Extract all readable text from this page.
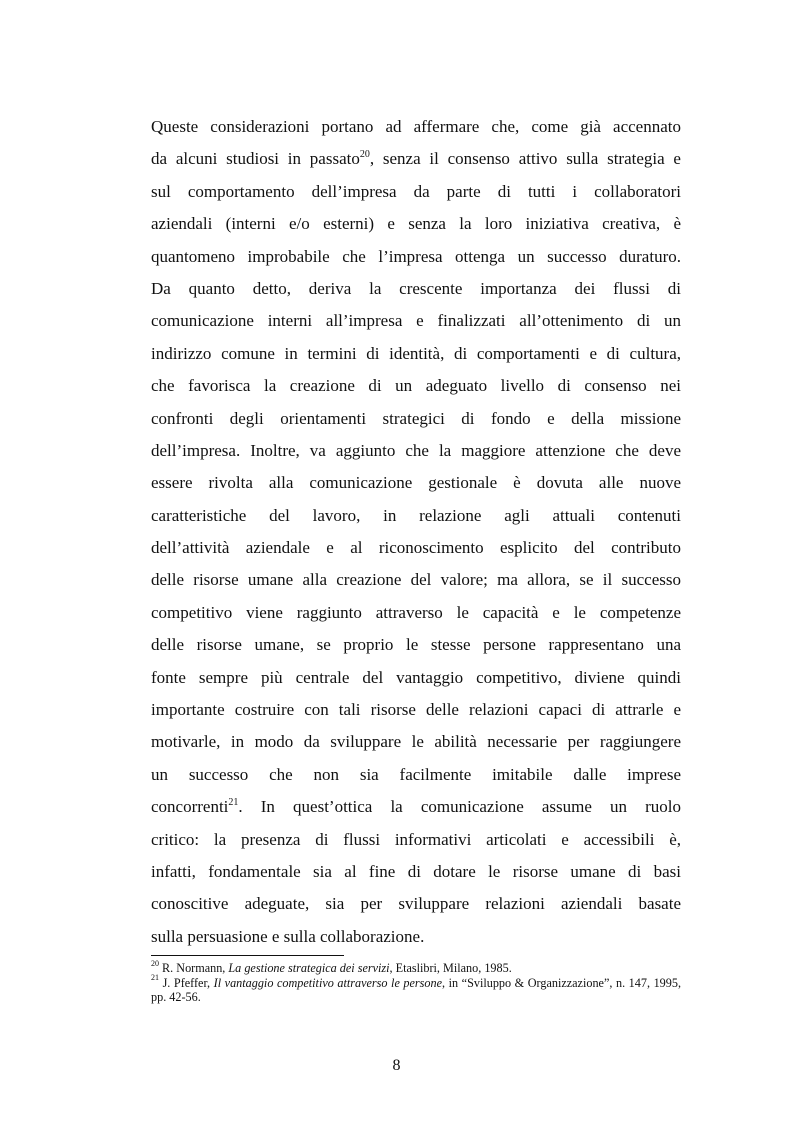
Queste considerazioni portano ad affermare che, come già accennato
da alcuni studiosi in passato$^{20}$, senza il consenso attivo sulla strategia e
sul comportamento dell’impresa da parte di tutti i collaboratori
aziendali (interni e/o esterni) e senza la loro iniziativa creativa, è
quantomeno improbabile che l’impresa ottenga un successo duraturo.
Da quanto detto, deriva la crescente importanza dei flussi di
comunicazione interni all’impresa e finalizzati all’ottenimento di un
indirizzo comune in termini di identità, di comportamenti e di cultura,
che favorisca la creazione di un adeguato livello di consenso nei
confronti degli orientamenti strategici di fondo e della missione
dell’impresa. Inoltre, va aggiunto che la maggiore attenzione che deve
essere rivolta alla comunicazione gestionale è dovuta alle nuove
caratteristiche del lavoro, in relazione agli attuali contenuti
dell’attività aziendale e al riconoscimento esplicito del contributo
delle risorse umane alla creazione del valore; ma allora, se il successo
competitivo viene raggiunto attraverso le capacità e le competenze
delle risorse umane, se proprio le stesse persone rappresentano una
fonte sempre più centrale del vantaggio competitivo, diviene quindi
importante costruire con tali risorse delle relazioni capaci di attrarle e
motivarle, in modo da sviluppare le abilità necessarie per raggiungere
un successo che non sia facilmente imitabile dalle imprese
concorrenti$^{21}$. In quest’ottica la comunicazione assume un ruolo
critico: la presenza di flussi informativi articolati e accessibili è,
infatti, fondamentale sia al fine di dotare le risorse umane di basi
conoscitive adeguate, sia per sviluppare relazioni aziendali basate
sulla persuasione e sulla collaborazione.
$^{20}$ R. Normann, La gestione strategica dei servizi, Etaslibri, Milano, 1985.
$^{21}$ J. Pfeffer, Il vantaggio competitivo attraverso le persone, in “Sviluppo & Organizzazione”, n. 147, 1995, pp. 42-56.
8
